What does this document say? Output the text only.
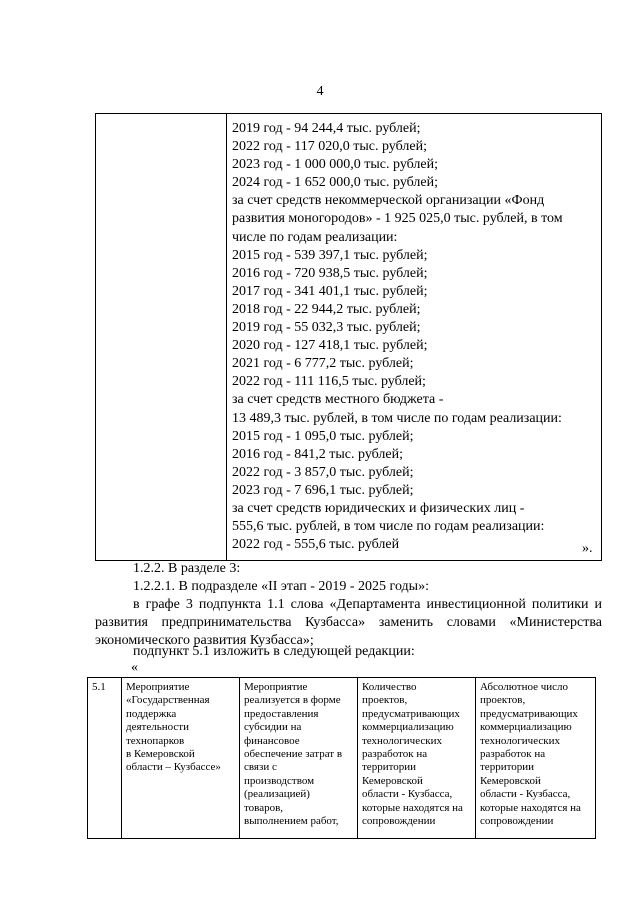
4

2019 год - 94 244,4 тыс. рублей;
2022 год - 117 020,0 тыс. рублей;
2023 год - 1 000 000,0 тыс. рублей;
2024 год - 1 652 000,0 тыс. рублей;
за счет средств некоммерческой организации «Фонд
развития моногородов» - 1 925 025,0 тыс. рублей, в том
числе по годам реализации:
2015 год - 539 397,1 тыс. рублей;
2016 год - 720 938,5 тыс. рублей;
2017 год - 341 401,1 тыс. рублей;
2018 год - 22 944,2 тыс. рублей;
2019 год - 55 032,3 тыс. рублей;
2020 год - 127 418,1 тыс. рублей;
2021 год - 6 777,2 тыс. рублей;
2022 год - 111 116,5 тыс. рублей;
за счет средств местного бюджета -
13 489,3 тыс. рублей, в том числе по годам реализации:
2015 год - 1 095,0 тыс. рублей;
2016 год - 841,2 тыс. рублей;
2022 год - 3 857,0 тыс. рублей;
2023 год - 7 696,1 тыс. рублей;
за счет средств юридических и физических лиц -
555,6 тыс. рублей, в том числе по годам реализации:
2022 год - 555,6 тыс. рублей	».
1.2.2. В разделе 3:
1.2.2.1. В подразделе «II этап - 2019 - 2025 годы»:
в графе 3 подпункта 1.1 слова «Департамента инвестиционной политики и развития предпринимательства Кузбасса» заменить словами «Министерства экономического развития Кузбасса»;
подпункт 5.1 изложить в следующей редакции:
«
5.1	Мероприятие
«Государственная
поддержка
деятельности
технопарков
в Кемеровской
области – Кузбассе»

Мероприятие
реализуется в форме
предоставления
субсидии на
финансовое
обеспечение затрат в
связи с
производством
(реализацией)
товаров,
выполнением работ,

Количество
проектов,
предусматривающих
коммерциализацию
технологических
разработок на
территории
Кемеровской
области - Кузбасса,
которые находятся на
сопровождении

Абсолютное число
проектов,
предусматривающих
коммерциализацию
технологических
разработок на
территории
Кемеровской
области - Кузбасса,
которые находятся на
сопровождении
